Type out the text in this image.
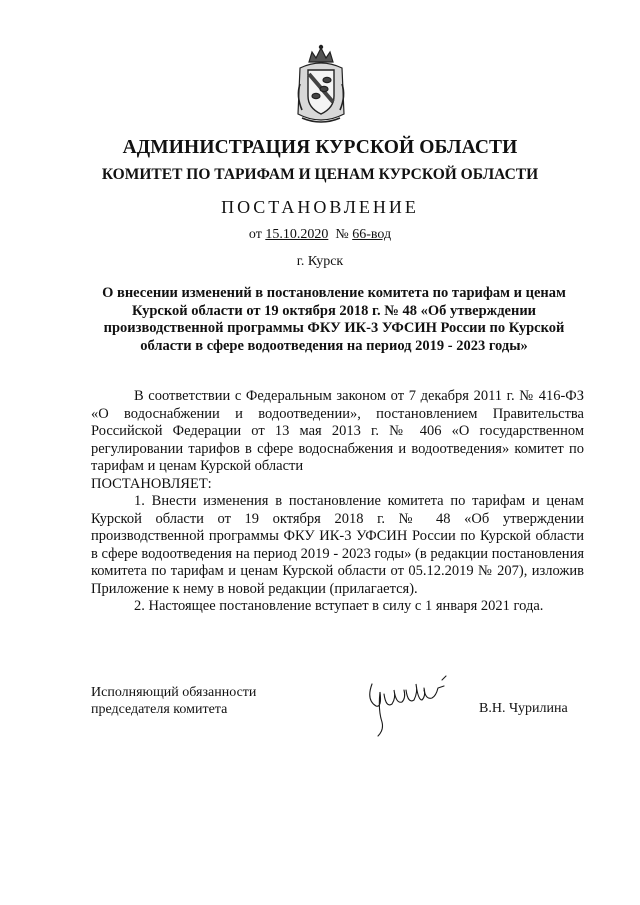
АДМИНИСТРАЦИЯ КУРСКОЙ ОБЛАСТИ
КОМИТЕТ ПО ТАРИФАМ И ЦЕНАМ КУРСКОЙ ОБЛАСТИ
ПОСТАНОВЛЕНИЕ
от 15.10.2020 № 66-вод
г. Курск
О внесении изменений в постановление комитета по тарифам и ценам Курской области от 19 октября 2018 г. № 48 «Об утверждении производственной программы ФКУ ИК-3 УФСИН России по Курской области в сфере водоотведения на период 2019 - 2023 годы»

В соответствии с Федеральным законом от 7 декабря 2011 г. № 416-ФЗ «О водоснабжении и водоотведении», постановлением Правительства Российской Федерации от 13 мая 2013 г. № 406 «О государственном регулировании тарифов в сфере водоснабжения и водоотведения» комитет по тарифам и ценам Курской области

ПОСТАНОВЛЯЕТ:

1. Внести изменения в постановление комитета по тарифам и ценам Курской области от 19 октября 2018 г. № 48 «Об утверждении производственной программы ФКУ ИК-3 УФСИН России по Курской области в сфере водоотведения на период 2019 - 2023 годы» (в редакции постановления комитета по тарифам и ценам Курской области от 05.12.2019 № 207), изложив Приложение к нему в новой редакции (прилагается).

2. Настоящее постановление вступает в силу с 1 января 2021 года.

Исполняющий обязанности
председателя комитета	В.Н. Чурилина
